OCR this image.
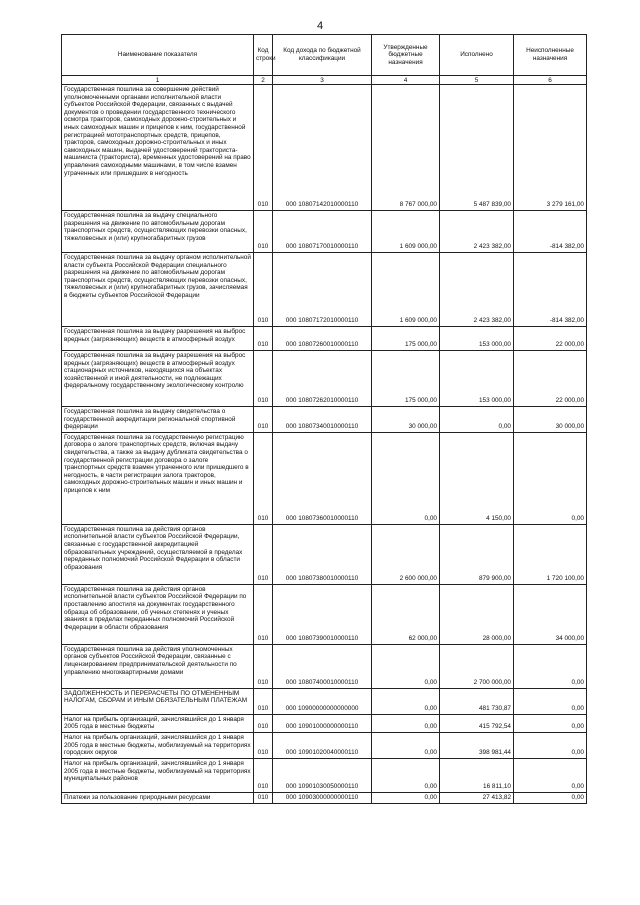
4
Наименование показателя	Код строки	Код дохода по бюджетной классификации	Утвержденные бюджетные назначения	Исполнено	Неисполненные назначения
1	2	3	4	5	6
Государственная пошлина за совершение действий уполномоченными органами исполнительной власти субъектов Российской Федерации, связанных с выдачей документов о проведении государственного технического осмотра тракторов, самоходных дорожно-строительных и иных самоходных машин и прицепов к ним, государственной регистрацией мототранспортных средств, прицепов, тракторов, самоходных дорожно-строительных и иных самоходных машин, выдачей удостоверений тракториста-машиниста (тракториста), временных удостоверений на право управления самоходными машинами, в том числе взамен утраченных или пришедших в негодность	010	000 10807142010000110	8 767 000,00	5 487 839,00	3 279 161,00
Государственная пошлина за выдачу специального разрешения на движение по автомобильным дорогам транспортных средств, осуществляющих перевозки опасных, тяжеловесных и (или) крупногабаритных грузов	010	000 10807170010000110	1 609 000,00	2 423 382,00	-814 382,00
Государственная пошлина за выдачу органом исполнительной власти субъекта Российской Федерации специального разрешения на движение по автомобильным дорогам транспортных средств, осуществляющих перевозки опасных, тяжеловесных и (или) крупногабаритных грузов, зачисляемая в бюджеты субъектов Российской Федерации	010	000 10807172010000110	1 609 000,00	2 423 382,00	-814 382,00
Государственная пошлина за выдачу разрешения на выброс вредных (загрязняющих) веществ в атмосферный воздух	010	000 10807260010000110	175 000,00	153 000,00	22 000,00
Государственная пошлина за выдачу разрешения на выброс вредных (загрязняющих) веществ в атмосферный воздух стационарных источников, находящихся на объектах хозяйственной и иной деятельности, не подлежащих федеральному государственному экологическому контролю	010	000 10807262010000110	175 000,00	153 000,00	22 000,00
Государственная пошлина за выдачу свидетельства о государственной аккредитации региональной спортивной федерации	010	000 10807340010000110	30 000,00	0,00	30 000,00
Государственная пошлина за государственную регистрацию договора о залоге транспортных средств, включая выдачу свидетельства, а также за выдачу дубликата свидетельства о государственной регистрации договора о залоге транспортных средств взамен утраченного или пришедшего в негодность, в части регистрации залога тракторов, самоходных дорожно-строительных машин и иных машин и прицепов к ним	010	000 10807360010000110	0,00	4 150,00	0,00
Государственная пошлина за действия органов исполнительной власти субъектов Российской Федерации, связанные с государственной аккредитацией образовательных учреждений, осуществляемой в пределах переданных полномочий Российской Федерации в области образования	010	000 10807380010000110	2 600 000,00	879 900,00	1 720 100,00
Государственная пошлина за действия органов исполнительной власти субъектов Российской Федерации по проставлению апостиля на документах государственного образца об образовании, об ученых степенях и ученых званиях в пределах переданных полномочий Российской Федерации в области образования	010	000 10807390010000110	62 000,00	28 000,00	34 000,00
Государственная пошлина за действия уполномоченных органов субъектов Российской Федерации, связанные с лицензированием предпринимательской деятельности по управлению многоквартирными домами	010	000 10807400010000110	0,00	2 700 000,00	0,00
ЗАДОЛЖЕННОСТЬ И ПЕРЕРАСЧЕТЫ ПО ОТМЕНЕННЫМ НАЛОГАМ, СБОРАМ И ИНЫМ ОБЯЗАТЕЛЬНЫМ ПЛАТЕЖАМ	010	000 10900000000000000	0,00	481 730,87	0,00
Налог на прибыль организаций, зачислявшийся до 1 января 2005 года в местные бюджеты	010	000 10901000000000110	0,00	415 792,54	0,00
Налог на прибыль организаций, зачислявшийся до 1 января 2005 года в местные бюджеты, мобилизуемый на территориях городских округов	010	000 10901020040000110	0,00	398 981,44	0,00
Налог на прибыль организаций, зачислявшийся до 1 января 2005 года в местные бюджеты, мобилизуемый на территориях муниципальных районов	010	000 10901030050000110	0,00	16 811,10	0,00
Платежи за пользование природными ресурсами	010	000 10903000000000110	0,00	27 413,82	0,00
